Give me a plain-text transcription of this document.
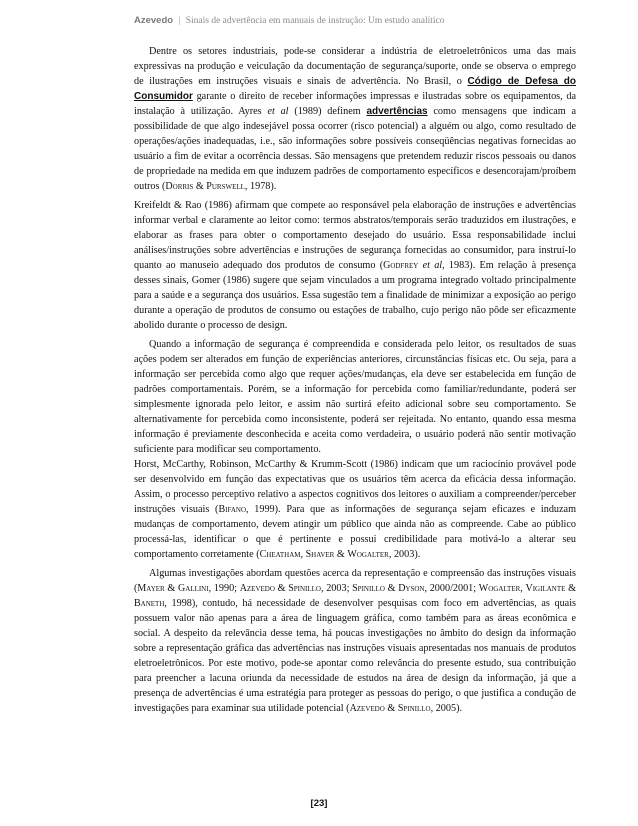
Azevedo | Sinais de advertência em manuais de instrução: Um estudo analítico

Dentre os setores industriais, pode-se considerar a indústria de eletroeletrônicos uma das mais expressivas na produção e veiculação da documentação de segurança/suporte, onde se observa o emprego de ilustrações em instruções visuais e sinais de advertência. No Brasil, o Código de Defesa do Consumidor garante o direito de receber informações impressas e ilustradas sobre os equipamentos, da instalação à utilização. Ayres et al (1989) definem advertências como mensagens que indicam a possibilidade de que algo indesejável possa ocorrer (risco potencial) a alguém ou algo, como resultado de operações/ações inadequadas, i.e., são informações sobre possíveis conseqüências negativas fornecidas ao usuário a fim de evitar a ocorrência dessas. São mensagens que pretendem reduzir riscos pessoais ou danos de propriedade na medida em que induzem padrões de comportamento específicos e desencorajam/proíbem outros (Dorris & Purswell, 1978).

Kreifeldt & Rao (1986) afirmam que compete ao responsável pela elaboração de instruções e advertências informar verbal e claramente ao leitor como: termos abstratos/temporais serão traduzidos em ilustrações, e elaborar as frases para obter o comportamento desejado do usuário. Essa responsabilidade inclui análises/instruções sobre advertências e instruções de segurança fornecidas ao consumidor, para instruí-lo quanto ao manuseio adequado dos produtos de consumo (Godfrey et al, 1983). Em relação à presença desses sinais, Gomer (1986) sugere que sejam vinculados a um programa integrado voltado principalmente para a saúde e a segurança dos usuários. Essa sugestão tem a finalidade de minimizar a exposição ao perigo durante a operação de produtos de consumo ou estações de trabalho, cujo perigo não pôde ser eficazmente abolido durante o processo de design.

Quando a informação de segurança é compreendida e considerada pelo leitor, os resultados de suas ações podem ser alterados em função de experiências anteriores, circunstâncias físicas etc. Ou seja, para a informação ser percebida como algo que requer ações/mudanças, ela deve ser estabelecida em função de padrões comportamentais. Porém, se a informação for percebida como familiar/redundante, poderá ser simplesmente ignorada pelo leitor, e assim não surtirá efeito adicional sobre seu comportamento. Se alternativamente for percebida como inconsistente, poderá ser rejeitada. No entanto, quando essa mesma informação é previamente desconhecida e aceita como verdadeira, o usuário poderá não sentir motivação suficiente para modificar seu comportamento.

Horst, McCarthy, Robinson, McCarthy & Krumm-Scott (1986) indicam que um raciocínio provável pode ser desenvolvido em função das expectativas que os usuários têm acerca da eficácia dessa informação. Assim, o processo perceptivo relativo a aspectos cognitivos dos leitores o auxiliam a compreender/perceber instruções visuais (Bifano, 1999). Para que as informações de segurança sejam eficazes e induzam mudanças de comportamento, devem atingir um público que ainda não as compreende. Cabe ao público processá-las, identificar o que é pertinente e possui credibilidade para motivá-lo a alterar seu comportamento corretamente (Cheatham, Shaver & Wogalter, 2003).

Algumas investigações abordam questões acerca da representação e compreensão das instruções visuais (Mayer & Gallini, 1990; Azevedo & Spinillo, 2003; Spinillo & Dyson, 2000/2001; Wogalter, Vigilante & Baneth, 1998), contudo, há necessidade de desenvolver pesquisas com foco em advertências, as quais possuem valor não apenas para a área de linguagem gráfica, como também para as áreas econômica e social. A despeito da relevância desse tema, há poucas investigações no âmbito do design da informação sobre a representação gráfica das advertências nas instruções visuais apresentadas nos manuais de produtos eletroeletrônicos. Por este motivo, pode-se apontar como relevância do presente estudo, sua contribuição para preencher a lacuna oriunda da necessidade de estudos na área de design da informação, já que a presença de advertências é uma estratégia para proteger as pessoas do perigo, o que justifica a condução de investigações para examinar sua utilidade potencial (Azevedo & Spinillo, 2005).

[23]
